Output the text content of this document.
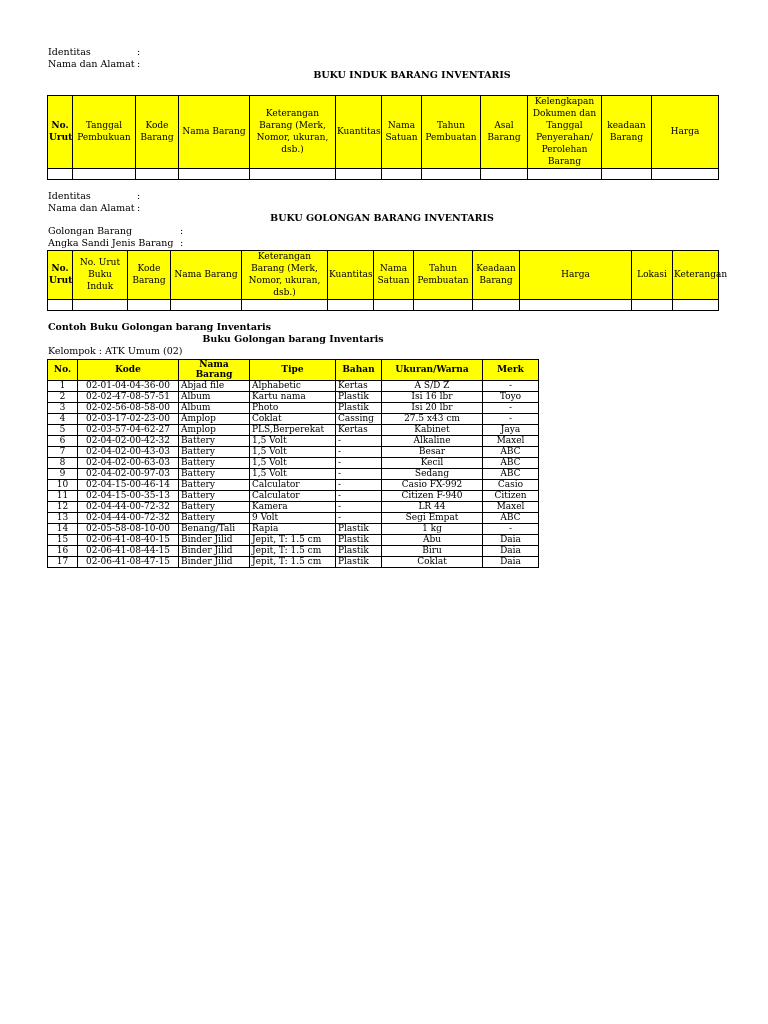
Identitas	:
Nama dan Alamat :
BUKU INDUK BARANG INVENTARIS
No. Urut	Tanggal Pembukuan	Kode Barang	Nama Barang	Keterangan Barang (Merk, Nomor, ukuran, dsb.)	Kuantitas	Nama Satuan	Tahun Pembuatan	Asal Barang	Kelengkapan Dokumen dan Tanggal Penyerahan/ Perolehan Barang	keadaan Barang	Harga

Identitas	:
Nama dan Alamat :
BUKU GOLONGAN BARANG INVENTARIS
Golongan Barang	:
Angka Sandi Jenis Barang :
No. Urut	No. Urut Buku Induk	Kode Barang	Nama Barang	Keterangan Barang (Merk, Nomor, ukuran, dsb.)	Kuantitas	Nama Satuan	Tahun Pembuatan	Keadaan Barang	Harga	Lokasi	Keterangan

Contoh Buku Golongan barang Inventaris
Buku Golongan barang Inventaris
Kelompok : ATK Umum (02)
No.	Kode	Nama Barang	Tipe	Bahan	Ukuran/Warna	Merk
1	02-01-04-04-36-00	Abjad file	Alphabetic	Kertas	A S/D Z	-
2	02-02-47-08-57-51	Album	Kartu nama	Plastik	Isi 16 lbr	Toyo
3	02-02-56-08-58-00	Album	Photo	Plastik	Isi 20 lbr	-
4	02-03-17-02-23-00	Amplop	Coklat	Cassing	27.5 x43 cm	-
5	02-03-57-04-62-27	Amplop	PLS,Berperekat	Kertas	Kabinet	Jaya
6	02-04-02-00-42-32	Battery	1,5 Volt	-	Alkaline	Maxel
7	02-04-02-00-43-03	Battery	1,5 Volt	-	Besar	ABC
8	02-04-02-00-63-03	Battery	1,5 Volt	-	Kecil	ABC
9	02-04-02-00-97-03	Battery	1,5 Volt	-	Sedang	ABC
10	02-04-15-00-46-14	Battery	Calculator	-	Casio FX-992	Casio
11	02-04-15-00-35-13	Battery	Calculator	-	Citizen F-940	Citizen
12	02-04-44-00-72-32	Battery	Kamera	-	LR 44	Maxel
13	02-04-44-00-72-32	Battery	9 Volt	-	Segi Empat	ABC
14	02-05-58-08-10-00	Benang/Tali	Rapia	Plastik	1 kg	-
15	02-06-41-08-40-15	Binder Jilid	Jepit, T: 1.5 cm	Plastik	Abu	Daia
16	02-06-41-08-44-15	Binder Jilid	Jepit, T: 1.5 cm	Plastik	Biru	Daia
17	02-06-41-08-47-15	Binder Jilid	Jepit, T: 1.5 cm	Plastik	Coklat	Daia
